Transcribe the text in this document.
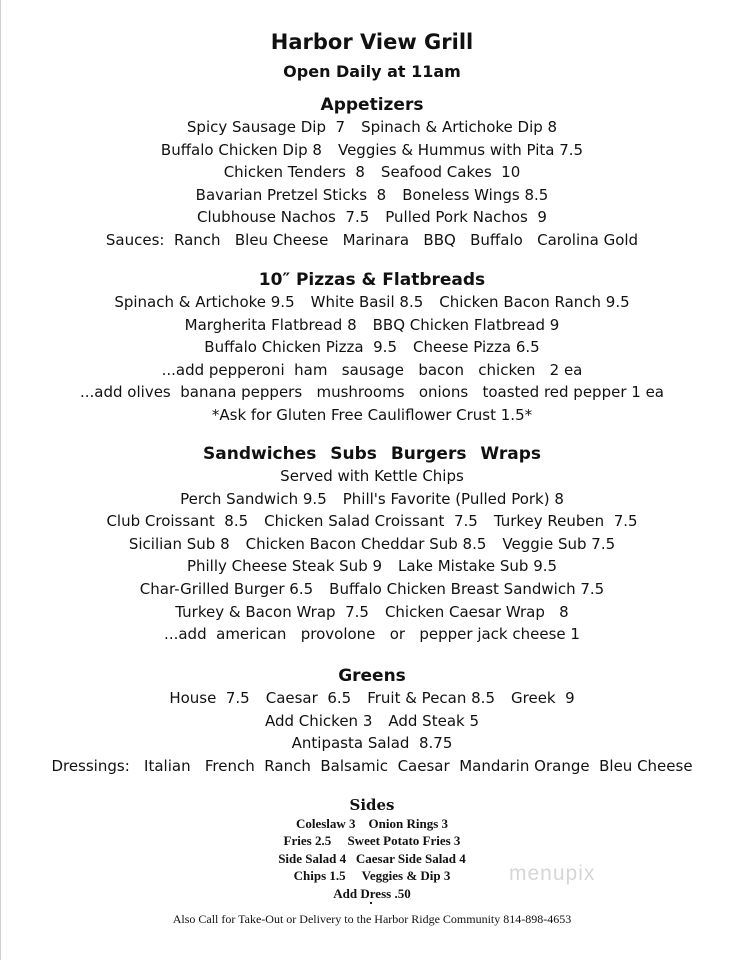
Harbor View Grill
Open Daily at 11am
Appetizers
Spicy Sausage Dip  7 Spinach & Artichoke Dip 8
Buffalo Chicken Dip 8 Veggies & Hummus with Pita 7.5
Chicken Tenders  8 Seafood Cakes  10
Bavarian Pretzel Sticks  8 Boneless Wings 8.5
Clubhouse Nachos  7.5 Pulled Pork Nachos  9
Sauces:  Ranch   Bleu Cheese   Marinara   BBQ   Buffalo   Carolina Gold
10″ Pizzas & Flatbreads
Spinach & Artichoke 9.5 White Basil 8.5 Chicken Bacon Ranch 9.5
Margherita Flatbread 8 BBQ Chicken Flatbread 9
Buffalo Chicken Pizza  9.5 Cheese Pizza 6.5
...add pepperoni  ham   sausage   bacon   chicken   2 ea
...add olives  banana peppers   mushrooms   onions   toasted red pepper 1 ea
*Ask for Gluten Free Cauliflower Crust 1.5*
Sandwiches Subs Burgers Wraps
Served with Kettle Chips
Perch Sandwich 9.5 Phill's Favorite (Pulled Pork) 8
Club Croissant  8.5 Chicken Salad Croissant  7.5 Turkey Reuben  7.5
Sicilian Sub 8 Chicken Bacon Cheddar Sub 8.5 Veggie Sub 7.5
Philly Cheese Steak Sub 9 Lake Mistake Sub 9.5
Char-Grilled Burger 6.5 Buffalo Chicken Breast Sandwich 7.5
Turkey & Bacon Wrap  7.5 Chicken Caesar Wrap   8
...add  american   provolone   or   pepper jack cheese 1
Greens
House  7.5 Caesar  6.5 Fruit & Pecan 8.5 Greek  9
Add Chicken 3 Add Steak 5
Antipasta Salad  8.75
Dressings:   Italian   French  Ranch  Balsamic  Caesar  Mandarin Orange  Bleu Cheese
Sides
Coleslaw 3    Onion Rings 3
Fries 2.5     Sweet Potato Fries 3
Side Salad 4   Caesar Side Salad 4
Chips 1.5     Veggies & Dip 3
Add Dress .50
menupix
Also Call for Take-Out or Delivery to the Harbor Ridge Community 814-898-4653
